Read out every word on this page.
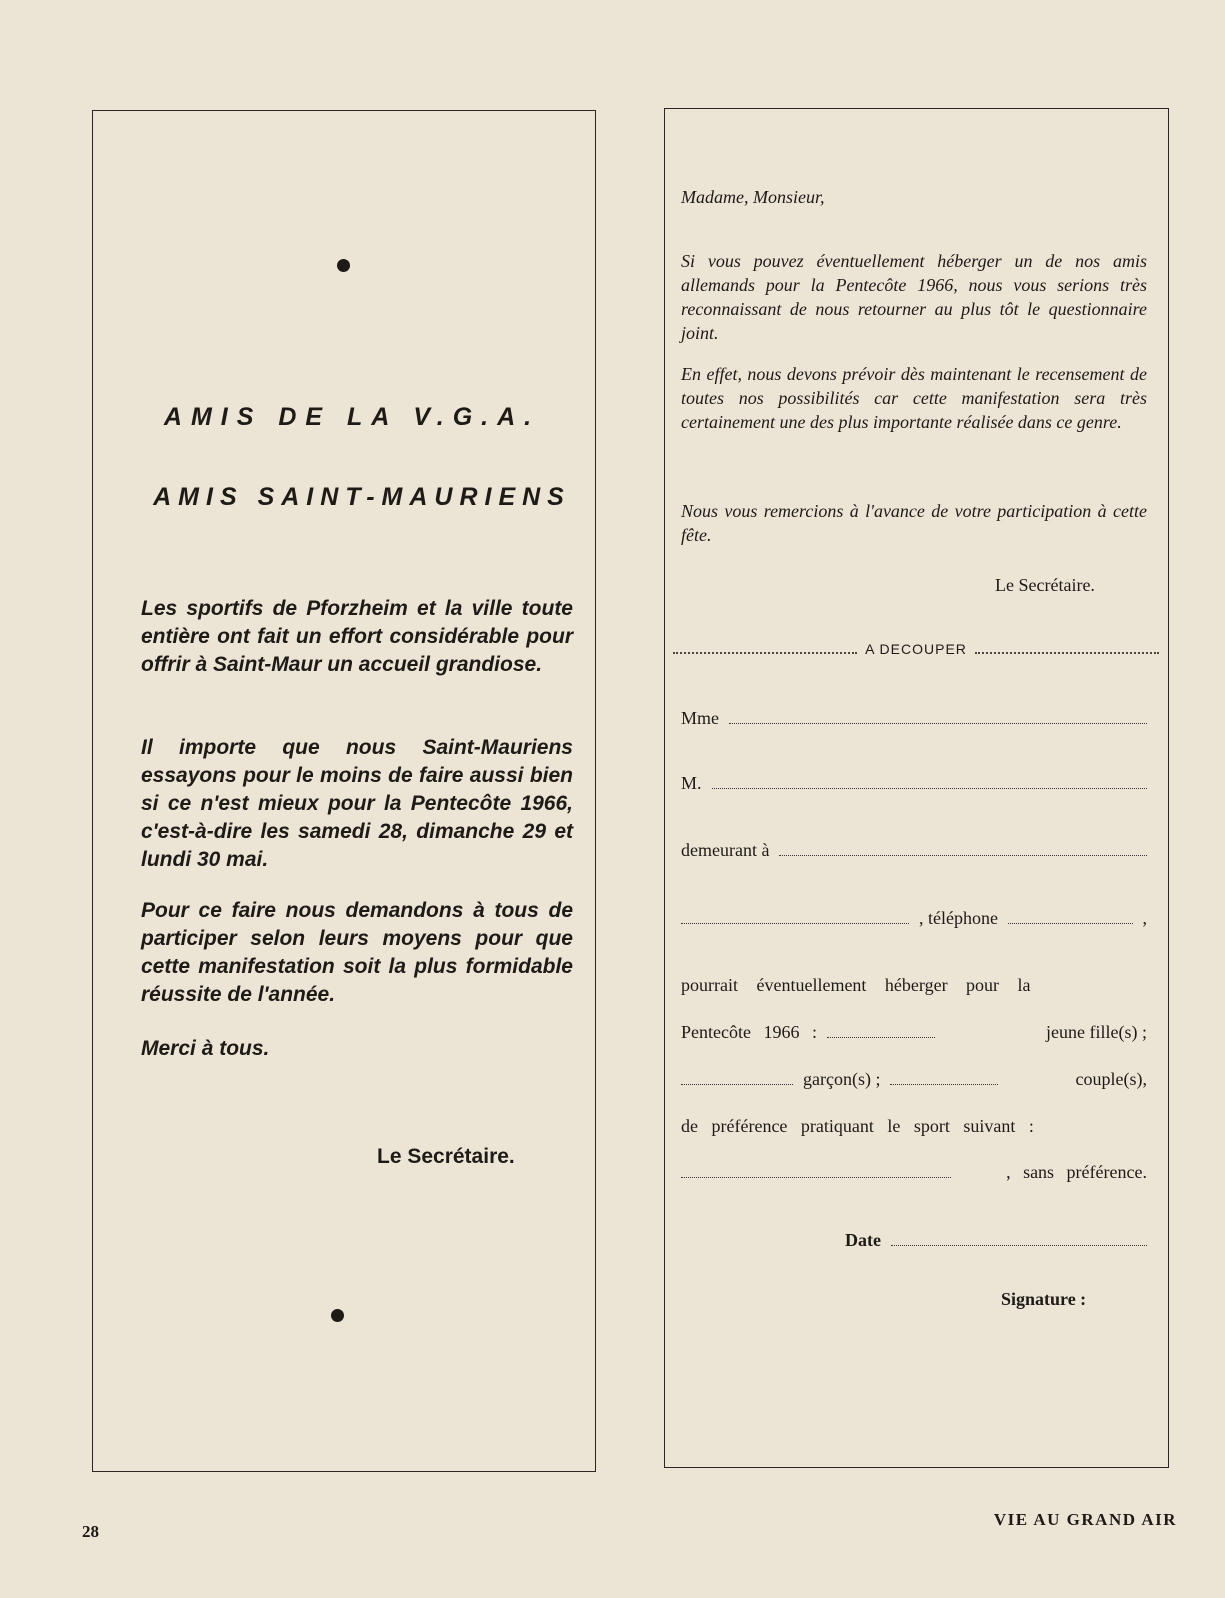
AMIS DE LA V.G.A.
AMIS SAINT-MAURIENS

Les sportifs de Pforzheim et la ville toute entière ont fait un effort considérable pour offrir à Saint-Maur un accueil grandiose.

Il importe que nous Saint-Mauriens essayons pour le moins de faire aussi bien si ce n'est mieux pour la Pentecôte 1966, c'est-à-dire les samedi 28, dimanche 29 et lundi 30 mai.

Pour ce faire nous demandons à tous de participer selon leurs moyens pour que cette manifestation soit la plus formidable réussite de l'année.

Merci à tous.

Le Secrétaire.

Madame, Monsieur,

Si vous pouvez éventuellement héberger un de nos amis allemands pour la Pentecôte 1966, nous vous serions très reconnaissant de nous retourner au plus tôt le questionnaire joint.

En effet, nous devons prévoir dès maintenant le recensement de toutes nos possibilités car cette manifestation sera très certainement une des plus importante réalisée dans ce genre.

Nous vous remercions à l'avance de votre participation à cette fête.

Le Secrétaire.
A DECOUPER
Mme
M.
demeurant à
, téléphone	,
pourrait éventuellement héberger pour la
Pentecôte 1966 :	jeune fille(s) ;
garçon(s) ;	couple(s),
de préférence pratiquant le sport suivant :
, sans préférence.
Date
Signature :
28
VIE AU GRAND AIR
